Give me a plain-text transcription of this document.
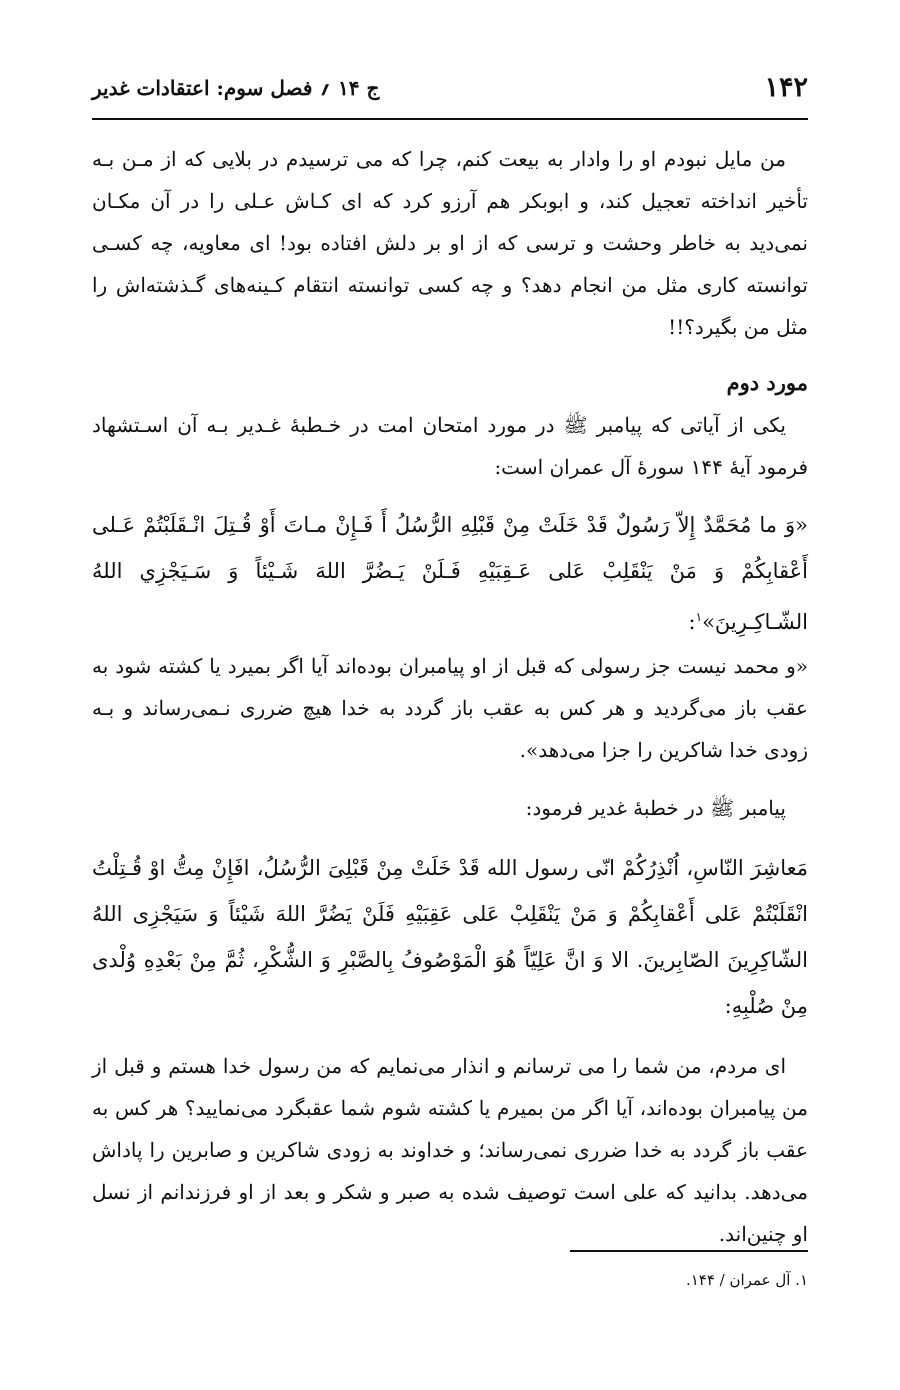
۱۴۲
ج ۱۴ ؍ فصل سوم: اعتقادات غدیر

من مایل نبودم او را وادار به بیعت کنم، چرا که می ترسیدم در بلایی که از مـن بـه تأخیر انداخته تعجیل کند، و ابوبکر هم آرزو کرد که ای کـاش عـلی را در آن مکـان نمی‌دید به خاطر وحشت و ترسی که از او بر دلش افتاده بود! ای معاویه، چه کسـی توانسته کاری مثل من انجام دهد؟ و چه کسی توانسته انتقام کـینه‌های گـذشته‌اش را مثل من بگیرد؟!!

مورد دوم

یکی از آیاتی که پیامبر ﷺ در مورد امتحان امت در خـطبهٔ غـدیر بـه آن اسـتشهاد فرمود آیهٔ ۱۴۴ سورهٔ آل عمران است:

«وَ ما مُحَمَّدٌ إِلاّ رَسُولٌ قَدْ خَلَتْ مِنْ قَبْلِهِ الرُّسُلُ أَ فَـإِنْ مـاتَ أَوْ قُـتِلَ انْـقَلَبْتُمْ عَـلى أَعْقابِكُمْ وَ مَنْ يَنْقَلِبْ عَلى عَـقِبَيْهِ فَـلَنْ يَـضُرَّ اللهَ شَـيْئاً وَ سَـيَجْزِي اللهُ الشّـاكِـرِينَ»$^۱$:

«و محمد نیست جز رسولی که قبل از او پیامبران بوده‌اند آیا اگر بمیرد یا کشته شود به عقب باز می‌گردید و هر کس به عقب باز گردد به خدا هیچ ضرری نـمی‌رساند و بـه زودی خدا شاکرین را جزا می‌دهد».

پیامبر ﷺ در خطبهٔ غدیر فرمود:

مَعاشِرَ النّاسِ، اُنْذِرُكُمْ انّى رسول الله قَدْ خَلَتْ مِنْ قَبْلِىَ الرُّسُلُ، افَإِنْ مِتُّ اوْ قُـتِلْتُ انْقَلَبْتُمْ عَلى أَعْقابِكُمْ وَ مَنْ يَنْقَلِبْ عَلى عَقِبَيْهِ فَلَنْ يَضُرَّ اللهَ شَيْئاً وَ سَيَجْزِى اللهُ الشّاكِرِينَ الصّابِرينَ. الا وَ انَّ عَلِيّاً هُوَ الْمَوْصُوفُ بِالصَّبْرِ وَ الشُّكْرِ، ثُمَّ مِنْ بَعْدِهِ وُلْدى مِنْ صُلْبِهِ:

ای مردم، من شما را می ترسانم و انذار می‌نمایم که من رسول خدا هستم و قبل از من پیامبران بوده‌اند، آیا اگر من بمیرم یا کشته شوم شما عقبگرد می‌نمایید؟ هر کس به عقب باز گردد به خدا ضرری نمی‌رساند؛ و خداوند به زودی شاکرین و صابرین را پاداش می‌دهد. بدانید که علی است توصیف شده به صبر و شکر و بعد از او فرزندانم از نسل او چنین‌اند.

۱. آل عمران / ۱۴۴.
